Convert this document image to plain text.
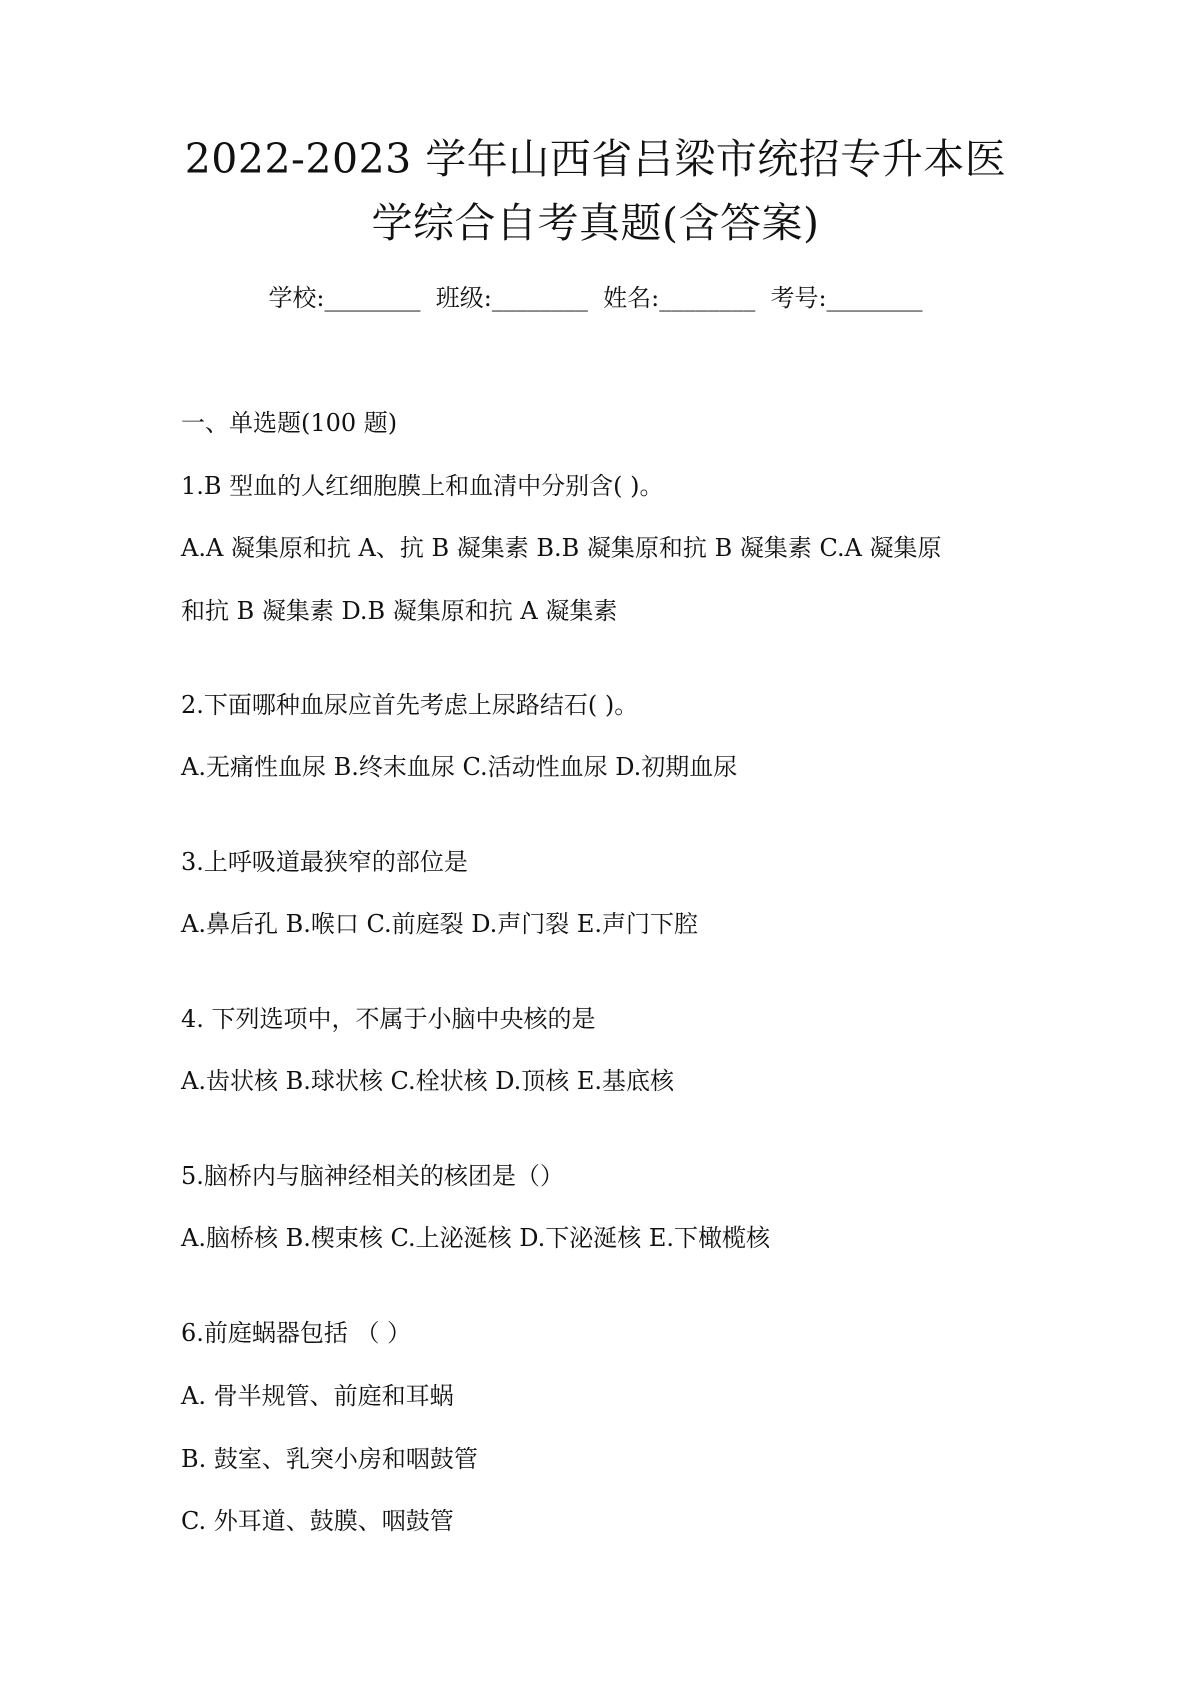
2022-2023 学年山西省吕梁市统招专升本医
学综合自考真题(含答案)
学校:________  班级:________  姓名:________  考号:________
一、单选题(100 题)
1.B 型血的人红细胞膜上和血清中分别含( )。
A.A 凝集原和抗 A、抗 B 凝集素 B.B 凝集原和抗 B 凝集素 C.A 凝集原
和抗 B 凝集素 D.B 凝集原和抗 A 凝集素
2.下面哪种血尿应首先考虑上尿路结石( )。
A.无痛性血尿 B.终末血尿 C.活动性血尿 D.初期血尿
3.上呼吸道最狭窄的部位是
A.鼻后孔 B.喉口 C.前庭裂 D.声门裂 E.声门下腔
4. 下列选项中，不属于小脑中央核的是
A.齿状核 B.球状核 C.栓状核 D.顶核 E.基底核
5.脑桥内与脑神经相关的核团是（）
A.脑桥核 B.楔束核 C.上泌涎核 D.下泌涎核 E.下橄榄核
6.前庭蜗器包括 （ ）
A. 骨半规管、前庭和耳蜗
B. 鼓室、乳突小房和咽鼓管
C. 外耳道、鼓膜、咽鼓管
